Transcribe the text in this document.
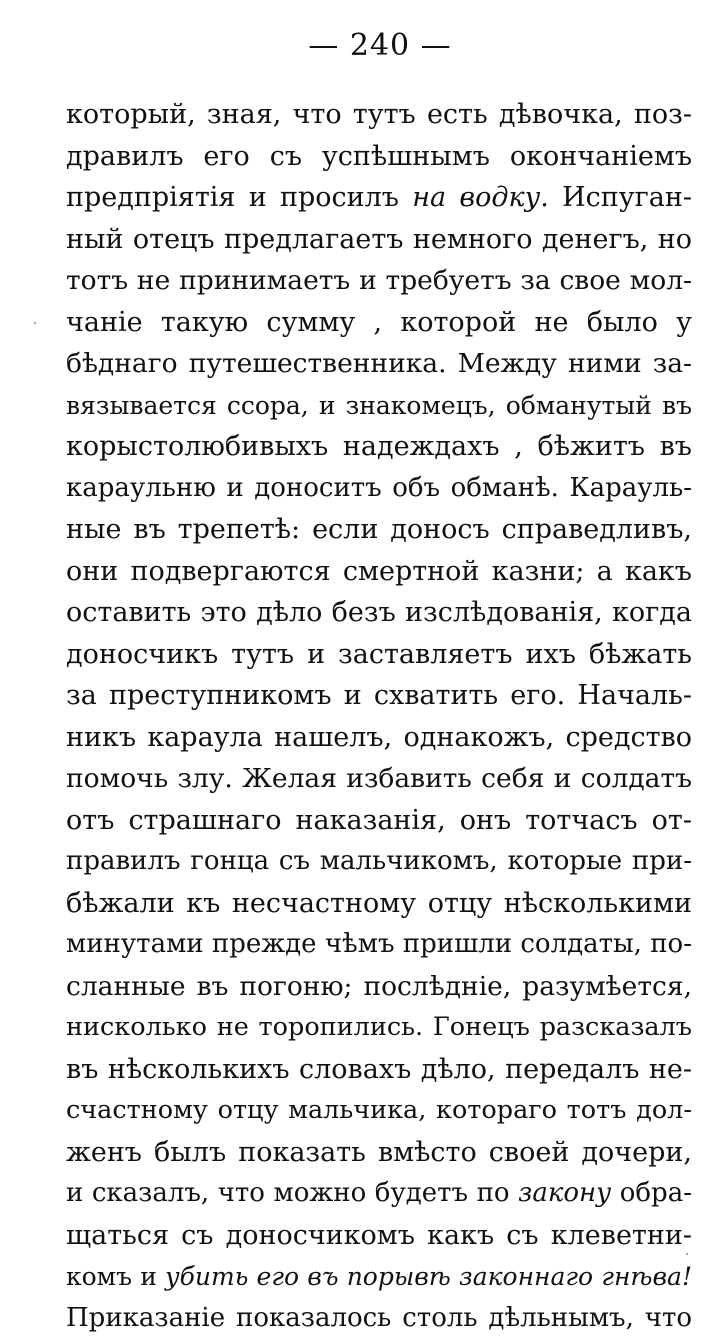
— 240 —
который, зная, что тутъ есть дѣвочка, поз-
дравилъ его съ успѣшнымъ окончаніемъ
предпріятія и просилъ на водку. Испуган-
ный отецъ предлагаетъ немного денегъ, но
тотъ не принимаетъ и требуетъ за свое мол-
чаніе такую сумму , которой не было у
бѣднаго путешественника. Между ними за-
вязывается ссора, и знакомецъ, обманутый въ
корыстолюбивыхъ надеждахъ , бѣжитъ въ
караульню и доноситъ объ обманѣ. Карауль-
ные въ трепетѣ: если доносъ справедливъ,
они подвергаются смертной казни; а какъ
оставить это дѣло безъ изслѣдованія, когда
доносчикъ тутъ и заставляетъ ихъ бѣжать
за преступникомъ и схватить его. Началь-
никъ караула нашелъ, однакожъ, средство
помочь злу. Желая избавить себя и солдатъ
отъ страшнаго наказанія, онъ тотчасъ от-
правилъ гонца съ мальчикомъ, которые при-
бѣжали къ несчастному отцу нѣсколькими
минутами прежде чѣмъ пришли солдаты, по-
сланные въ погоню; послѣдніе, разумѣется,
нисколько не торопились. Гонецъ разсказалъ
въ нѣсколькихъ словахъ дѣло, передалъ не-
счастному отцу мальчика, котораго тотъ дол-
женъ былъ показать вмѣсто своей дочери,
и сказалъ, что можно будетъ по закону обра-
щаться съ доносчикомъ какъ съ клеветни-
комъ и убить его въ порывѣ законнаго гнѣва!
Приказаніе показалось столь дѣльнымъ, что
